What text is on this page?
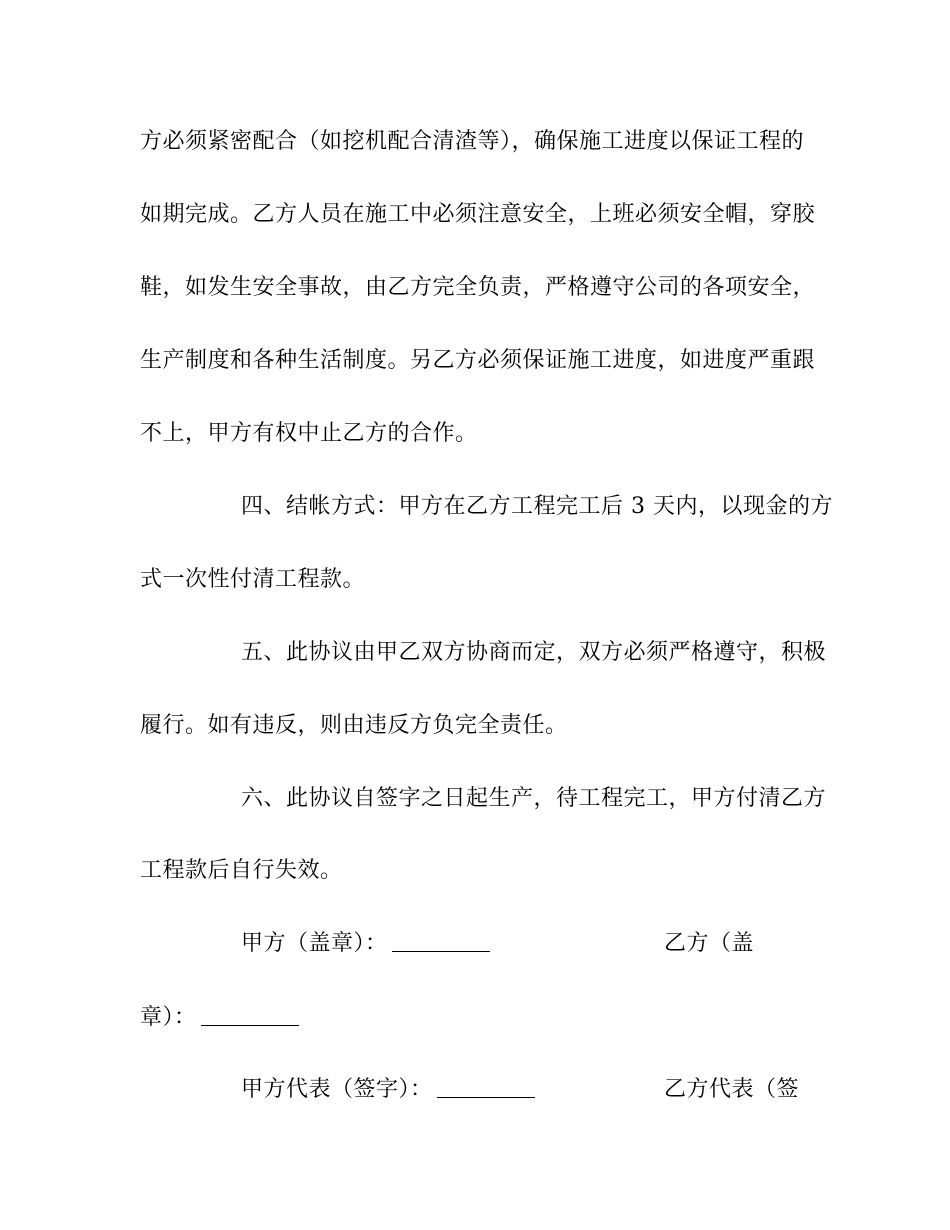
方必须紧密配合（如挖机配合清渣等），确保施工进度以保证工程的
如期完成。乙方人员在施工中必须注意安全，上班必须安全帽，穿胶
鞋，如发生安全事故，由乙方完全负责，严格遵守公司的各项安全，
生产制度和各种生活制度。另乙方必须保证施工进度，如进度严重跟
不上，甲方有权中止乙方的合作。
四、结帐方式：甲方在乙方工程完工后 3 天内，以现金的方
式一次性付清工程款。
五、此协议由甲乙双方协商而定，双方必须严格遵守，积极
履行。如有违反，则由违反方负完全责任。
六、此协议自签字之日起生产，待工程完工，甲方付清乙方
工程款后自行失效。
甲方（盖章）：	乙方（盖
章）：
甲方代表（签字）：	乙方代表（签
